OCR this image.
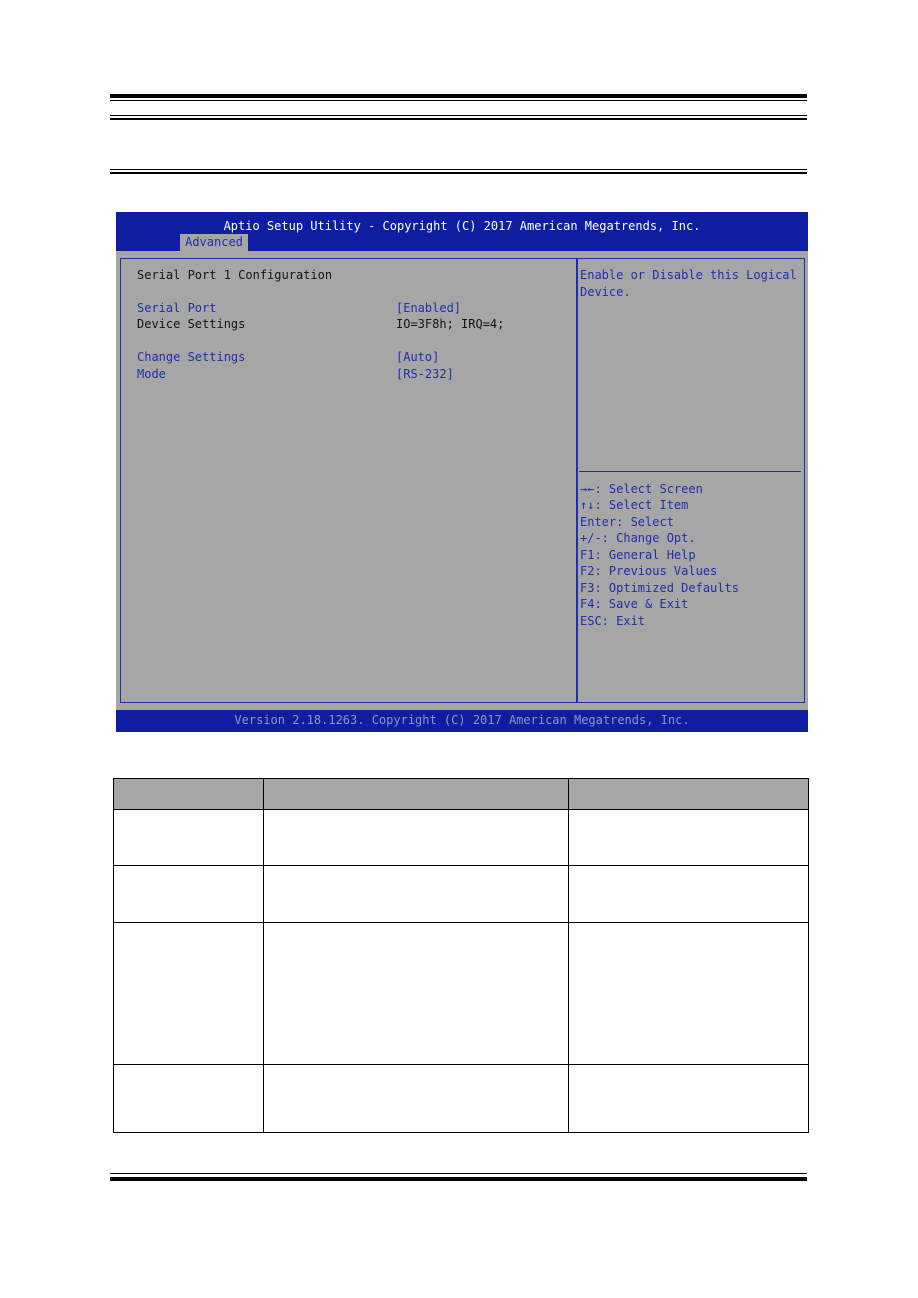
Aptio Setup Utility - Copyright (C) 2017 American Megatrends, Inc.
Advanced
Serial Port 1 Configuration
Serial Port	[Enabled]
Device Settings	IO=3F8h; IRQ=4;
Change Settings	[Auto]
Mode	[RS-232]
Enable or Disable this Logical
Device.
→←: Select Screen
↑↓: Select Item
Enter: Select
+/-: Change Opt.
F1: General Help
F2: Previous Values
F3: Optimized Defaults
F4: Save & Exit
ESC: Exit
Version 2.18.1263. Copyright (C) 2017 American Megatrends, Inc.
